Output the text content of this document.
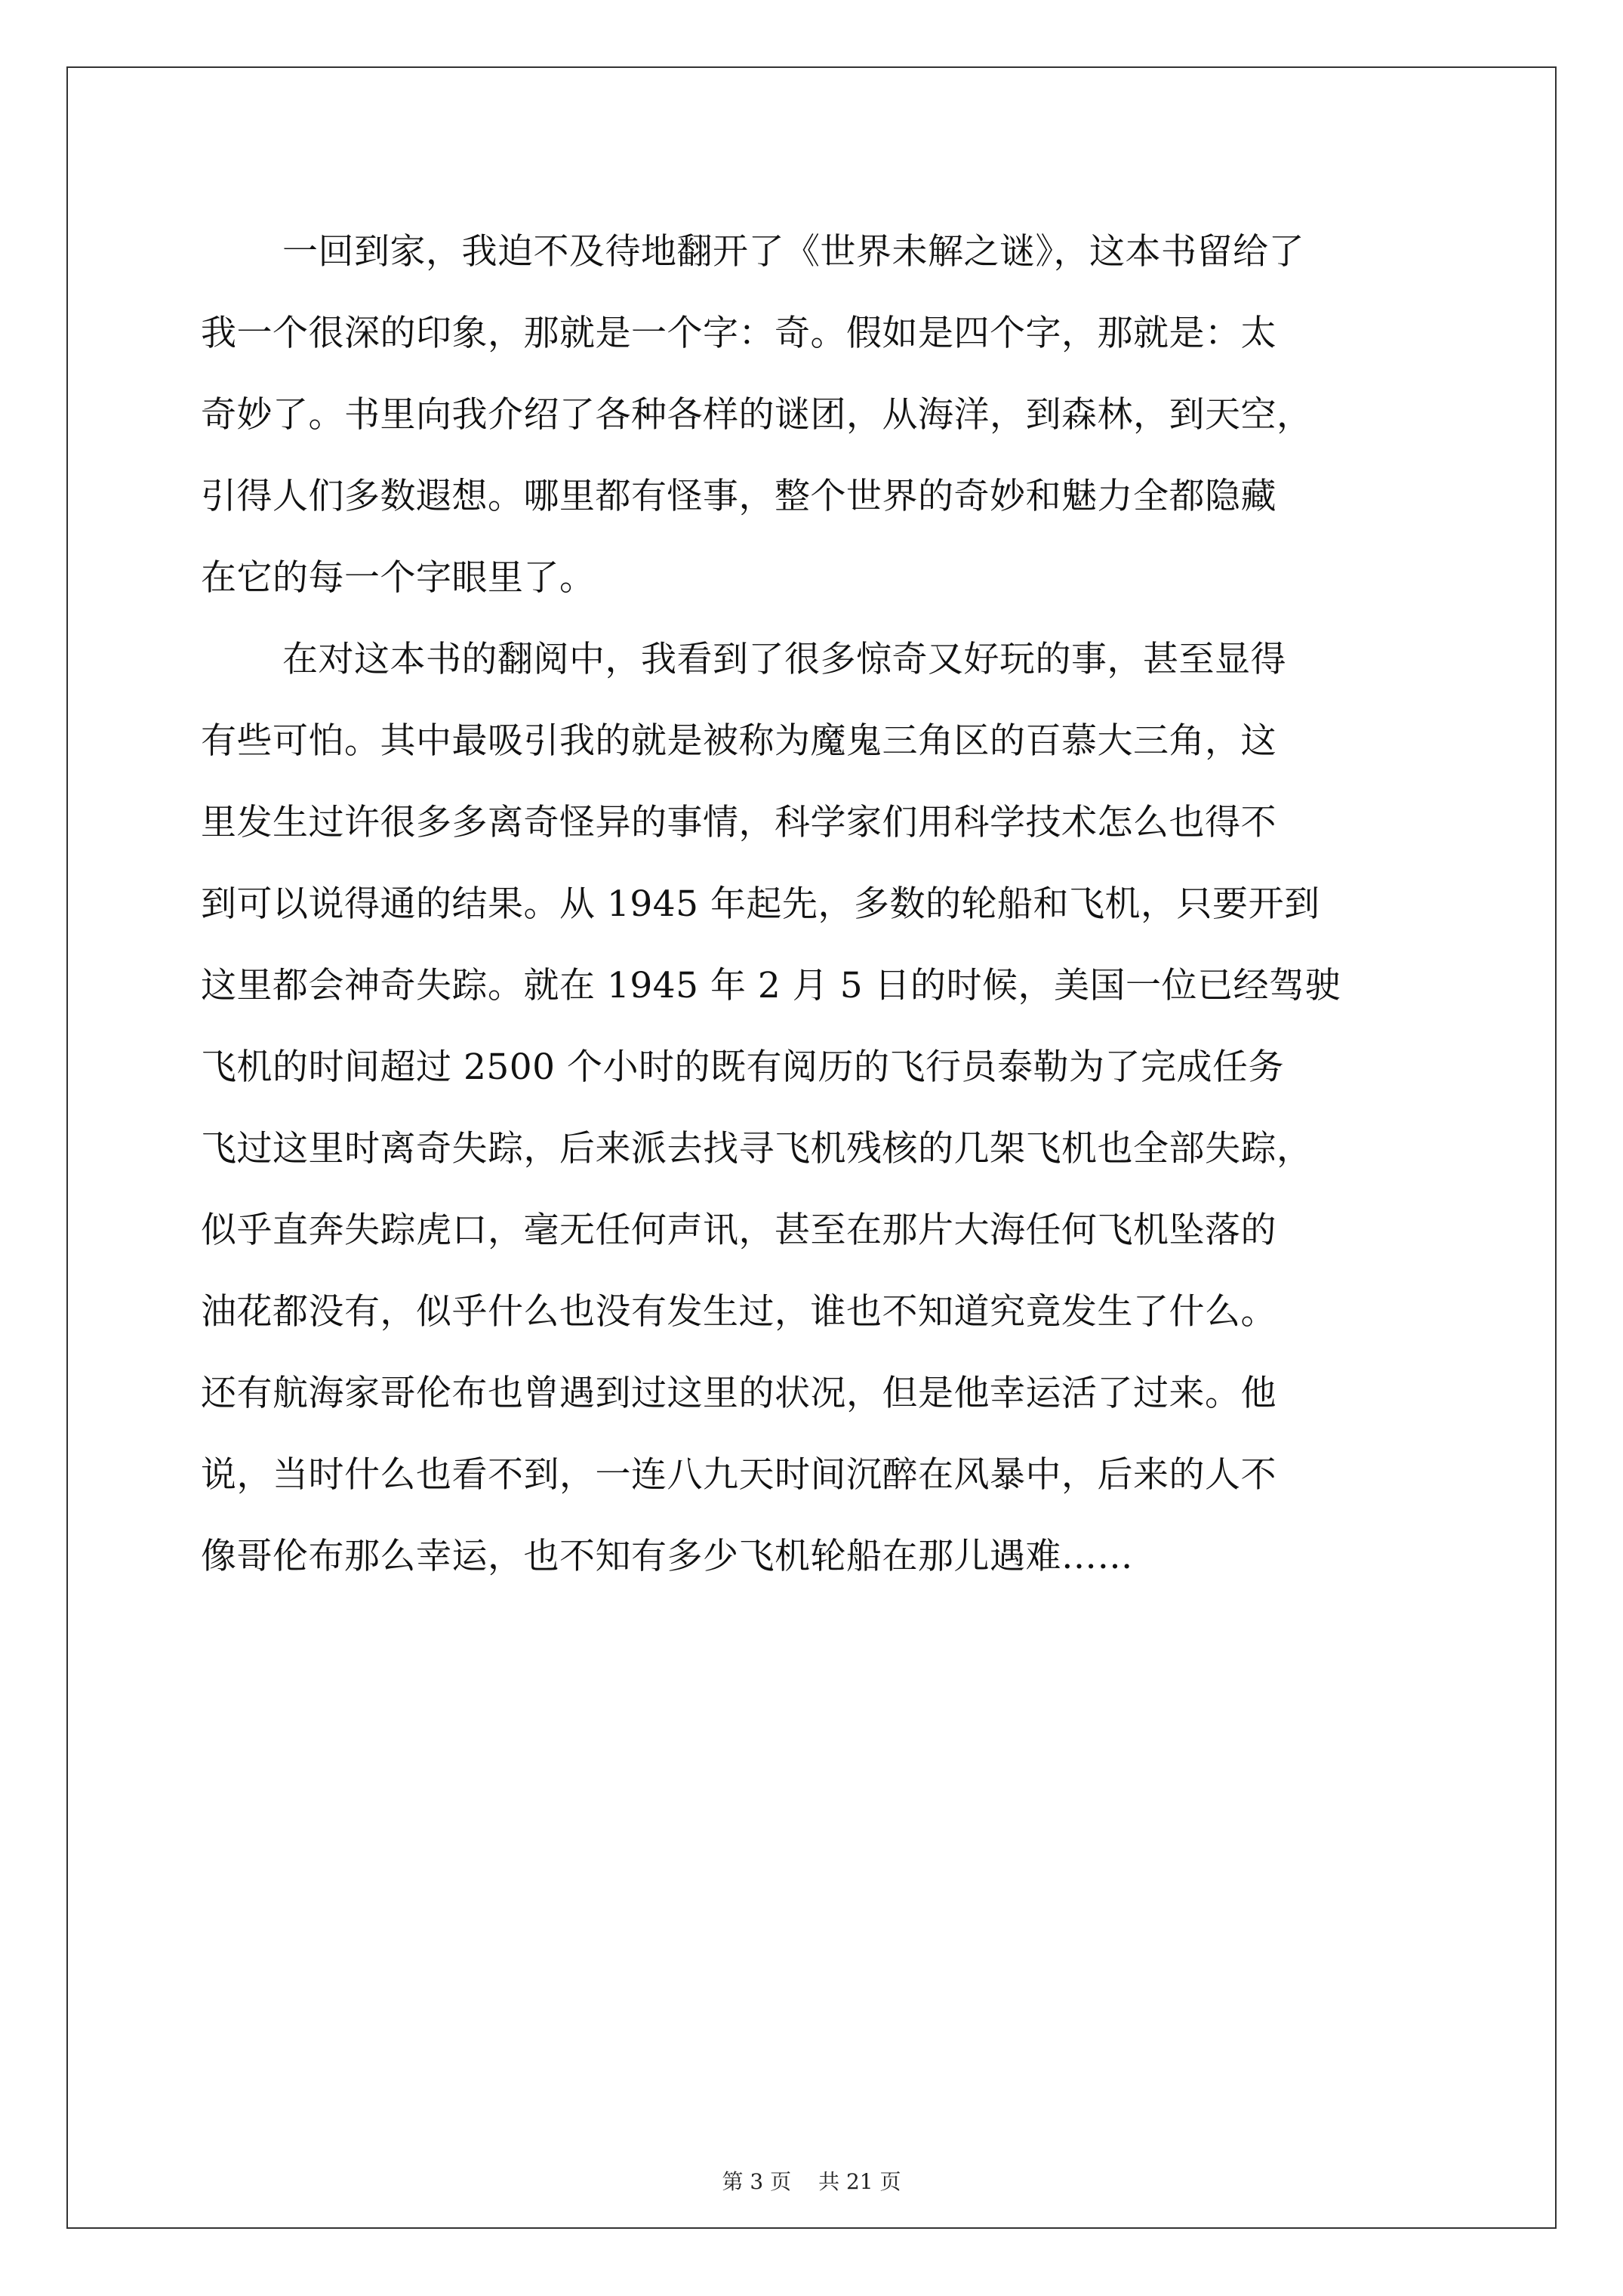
一回到家，我迫不及待地翻开了《世界未解之谜》，这本书留给了
我一个很深的印象，那就是一个字：奇。假如是四个字，那就是：太
奇妙了。书里向我介绍了各种各样的谜团，从海洋，到森林，到天空，
引得人们多数遐想。哪里都有怪事，整个世界的奇妙和魅力全都隐藏
在它的每一个字眼里了。
在对这本书的翻阅中，我看到了很多惊奇又好玩的事，甚至显得
有些可怕。其中最吸引我的就是被称为魔鬼三角区的百慕大三角，这
里发生过许很多多离奇怪异的事情，科学家们用科学技术怎么也得不
到可以说得通的结果。从 1945 年起先，多数的轮船和飞机，只要开到
这里都会神奇失踪。就在 1945 年 2 月 5 日的时候，美国一位已经驾驶
飞机的时间超过 2500 个小时的既有阅历的飞行员泰勒为了完成任务
飞过这里时离奇失踪，后来派去找寻飞机残核的几架飞机也全部失踪，
似乎直奔失踪虎口，毫无任何声讯，甚至在那片大海任何飞机坠落的
油花都没有，似乎什么也没有发生过，谁也不知道究竟发生了什么。
还有航海家哥伦布也曾遇到过这里的状况，但是他幸运活了过来。他
说，当时什么也看不到，一连八九天时间沉醉在风暴中，后来的人不
像哥伦布那么幸运，也不知有多少飞机轮船在那儿遇难……
第 3 页 共 21 页
